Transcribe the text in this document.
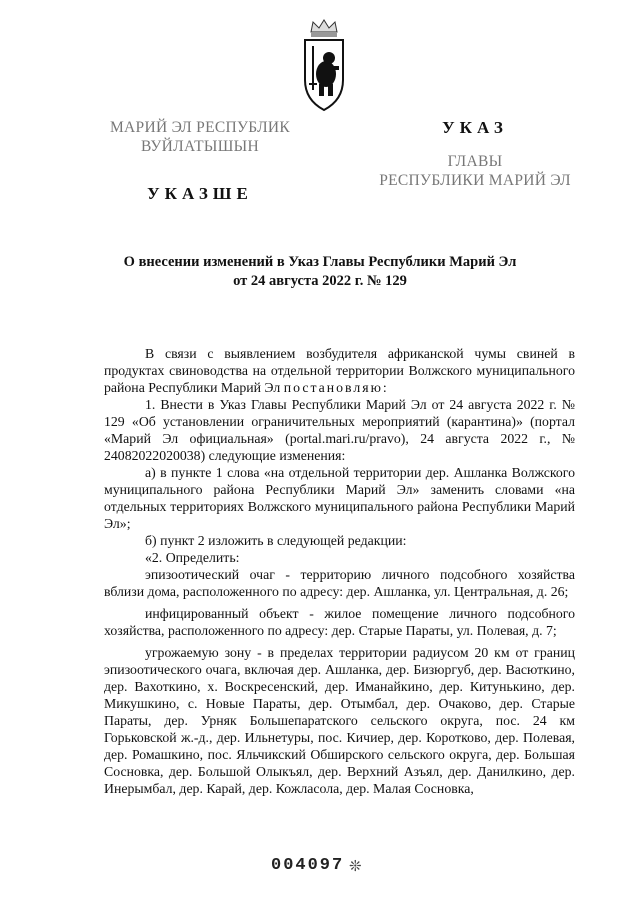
МАРИЙ ЭЛ РЕСПУБЛИК
ВУЙЛАТЫШЫН
УКАЗШЕ
УКАЗ
ГЛАВЫ
РЕСПУБЛИКИ МАРИЙ ЭЛ
О внесении изменений в Указ Главы Республики Марий Эл
от 24 августа 2022 г. № 129

В связи с выявлением возбудителя африканской чумы свиней в продуктах свиноводства на отдельной территории Волжского муниципального района Республики Марий Эл постановляю:

1. Внести в Указ Главы Республики Марий Эл от 24 августа 2022 г. № 129 «Об установлении ограничительных мероприятий (карантина)» (портал «Марий Эл официальная» (portal.mari.ru/pravo), 24 августа 2022 г., № 24082022020038) следующие изменения:

а) в пункте 1 слова «на отдельной территории дер. Ашланка Волжского муниципального района Республики Марий Эл» заменить словами «на отдельных территориях Волжского муниципального района Республики Марий Эл»;

б) пункт 2 изложить в следующей редакции:

«2. Определить:

эпизоотический очаг - территорию личного подсобного хозяйства вблизи дома, расположенного по адресу: дер. Ашланка, ул. Центральная, д. 26;

инфицированный объект - жилое помещение личного подсобного хозяйства, расположенного по адресу: дер. Старые Параты, ул. Полевая, д. 7;

угрожаемую зону - в пределах территории радиусом 20 км от границ эпизоотического очага, включая дер. Ашланка, дер. Бизюргуб, дер. Васюткино, дер. Вахоткино, х. Воскресенский, дер. Иманайкино, дер. Китунькино, дер. Микушкино, с. Новые Параты, дер. Отымбал, дер. Очаково, дер. Старые Параты, дер. Урняк Большепаратского сельского округа, пос. 24 км Горьковской ж.-д., дер. Ильнетуры, пос. Кичиер, дер. Коротково, дер. Полевая, дер. Ромашкино, пос. Яльчикский Обширского сельского округа, дер. Большая Сосновка, дер. Большой Олыкъял, дер. Верхний Азъял, дер. Данилкино, дер. Инерымбал, дер. Карай, дер. Кожласола, дер. Малая Сосновка,

004097 ❊
